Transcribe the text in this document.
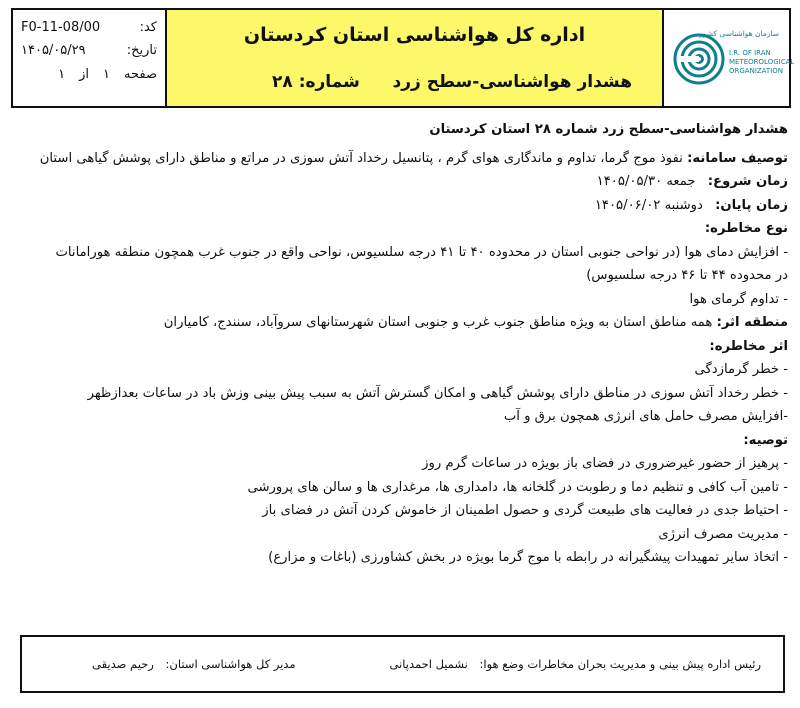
سازمان هواشناسی کشور
I.R. OF IRAN
METEOROLOGICAL
ORGANIZATION
اداره کل هواشناسی استان کردستان
هشدار هواشناسی-سطح زرد
شماره: ۲۸
کد:
F0-11-08/00
تاریخ:
۱۴۰۵/۰۵/۲۹
صفحه
۱
از
۱

هشدار هواشناسی-سطح زرد شماره ۲۸ استان کردستان

توصیف سامانه: نفوذ موج گرما، تداوم و ماندگاری هوای گرم ، پتانسیل رخداد آتش سوزی در مراتع و مناطق دارای پوشش گیاهی استان

زمان شروع: جمعه ۱۴۰۵/۰۵/۳۰

زمان پایان: دوشنبه ۱۴۰۵/۰۶/۰۲

نوع مخاطره:

- افزایش دمای هوا (در نواحی جنوبی استان در محدوده ۴۰ تا ۴۱ درجه سلسیوس، نواحی واقع در جنوب غرب همچون منطقه هورامانات

در محدوده ۴۴ تا ۴۶ درجه سلسیوس)

- تداوم گرمای هوا

منطقه اثر: همه مناطق استان به ویژه مناطق جنوب غرب و جنوبی استان شهرستانهای سروآباد، سنندج، کامیاران

اثر مخاطره:

- خطر گرمازدگی

- خطر رخداد آتش سوزی در مناطق دارای پوشش گیاهی و امکان گسترش آتش به سبب پیش بینی وزش باد در ساعات بعدازظهر

-افزایش مصرف حامل های انرژی همچون برق و آب

توصیه:

- پرهیز از حضور غیرضروری در فضای باز بویژه در ساعات گرم روز

- تامین آب کافی و تنظیم دما و رطوبت در گلخانه ها، دامداری ها، مرغداری ها و سالن های پرورشی

- احتیاط جدی در فعالیت های طبیعت گردی و حصول اطمینان از خاموش کردن آتش در فضای باز

- مدیریت مصرف انرژی

- اتخاذ سایر تمهیدات پیشگیرانه در رابطه با موج گرما بویژه در بخش کشاورزی (باغات و مزارع)

رئیس اداره پیش بینی و مدیریت بحران مخاطرات وضع هوا: نشمیل احمدپانی
مدیر کل هواشناسی استان: رحیم صدیقی
